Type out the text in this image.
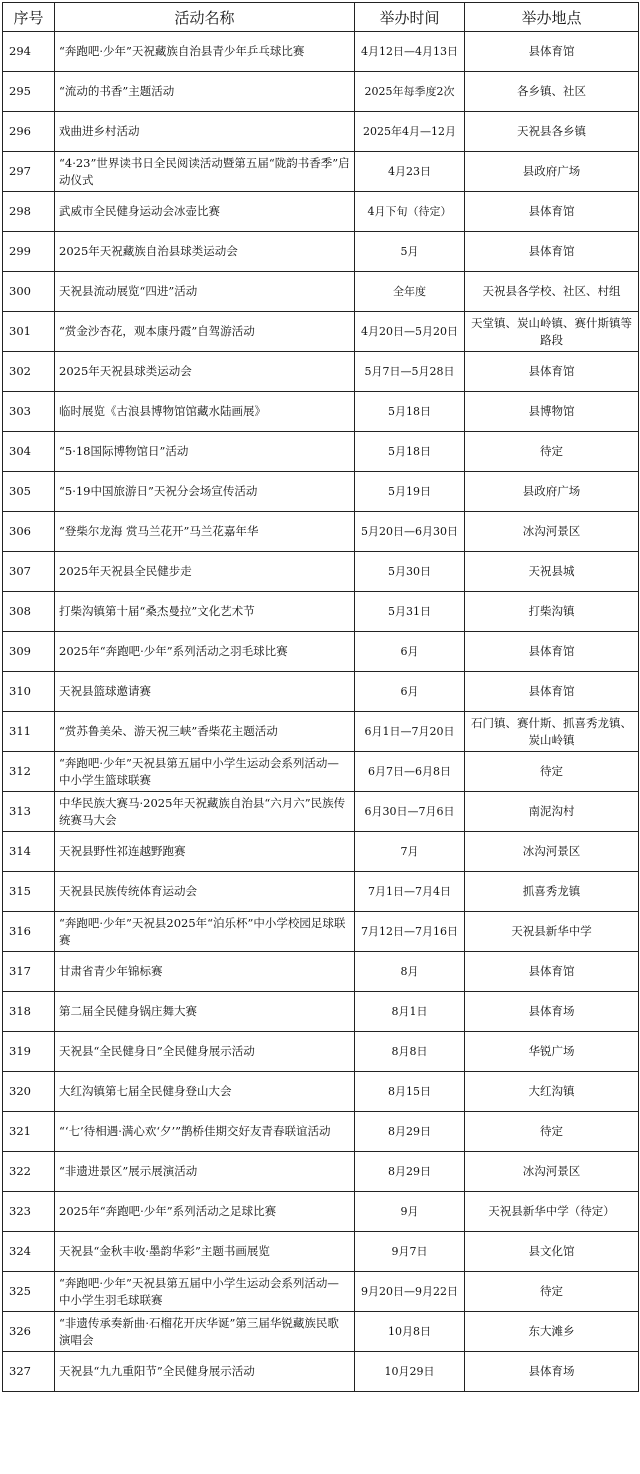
序号	活动名称	举办时间	举办地点
294	“奔跑吧·少年”天祝藏族自治县青少年乒乓球比赛	4月12日—4月13日	县体育馆
295	“流动的书香”主题活动	2025年每季度2次	各乡镇、社区
296	戏曲进乡村活动	2025年4月—12月	天祝县各乡镇
297	“4·23”世界读书日全民阅读活动暨第五届“陇韵书香季”启动仪式	4月23日	县政府广场
298	武威市全民健身运动会冰壶比赛	4月下旬（待定）	县体育馆
299	2025年天祝藏族自治县球类运动会	5月	县体育馆
300	天祝县流动展览“四进”活动	全年度	天祝县各学校、社区、村组
301	“赏金沙杏花，观本康丹霞”自驾游活动	4月20日—5月20日	天堂镇、炭山岭镇、赛什斯镇等路段
302	2025年天祝县球类运动会	5月7日—5月28日	县体育馆
303	临时展览《古浪县博物馆馆藏水陆画展》	5月18日	县博物馆
304	“5·18国际博物馆日”活动	5月18日	待定
305	“5·19中国旅游日”天祝分会场宣传活动	5月19日	县政府广场
306	“登柴尔龙海 赏马兰花开”马兰花嘉年华	5月20日—6月30日	冰沟河景区
307	2025年天祝县全民健步走	5月30日	天祝县城
308	打柴沟镇第十届“桑杰曼拉”文化艺术节	5月31日	打柴沟镇
309	2025年“奔跑吧·少年”系列活动之羽毛球比赛	6月	县体育馆
310	天祝县篮球邀请赛	6月	县体育馆
311	“赏苏鲁美朵、游天祝三峡”香柴花主题活动	6月1日—7月20日	石门镇、赛什斯、抓喜秀龙镇、炭山岭镇
312	“奔跑吧·少年”天祝县第五届中小学生运动会系列活动—中小学生篮球联赛	6月7日—6月8日	待定
313	中华民族大赛马·2025年天祝藏族自治县“六月六”民族传统赛马大会	6月30日—7月6日	南泥沟村
314	天祝县野性祁连越野跑赛	7月	冰沟河景区
315	天祝县民族传统体育运动会	7月1日—7月4日	抓喜秀龙镇
316	“奔跑吧·少年”天祝县2025年“泊乐杯”中小学校园足球联赛	7月12日—7月16日	天祝县新华中学
317	甘肃省青少年锦标赛	8月	县体育馆
318	第二届全民健身锅庄舞大赛	8月1日	县体育场
319	天祝县“全民健身日”全民健身展示活动	8月8日	华锐广场
320	大红沟镇第七届全民健身登山大会	8月15日	大红沟镇
321	“‘七’待相遇·满心欢‘夕’”鹊桥佳期交好友青春联谊活动	8月29日	待定
322	“非遗进景区”展示展演活动	8月29日	冰沟河景区
323	2025年“奔跑吧·少年”系列活动之足球比赛	9月	天祝县新华中学（待定）
324	天祝县“金秋丰收·墨韵华彩”主题书画展览	9月7日	县文化馆
325	“奔跑吧·少年”天祝县第五届中小学生运动会系列活动—中小学生羽毛球联赛	9月20日—9月22日	待定
326	“非遗传承奏新曲·石榴花开庆华诞”第三届华锐藏族民歌演唱会	10月8日	东大滩乡
327	天祝县“九九重阳节”全民健身展示活动	10月29日	县体育场
